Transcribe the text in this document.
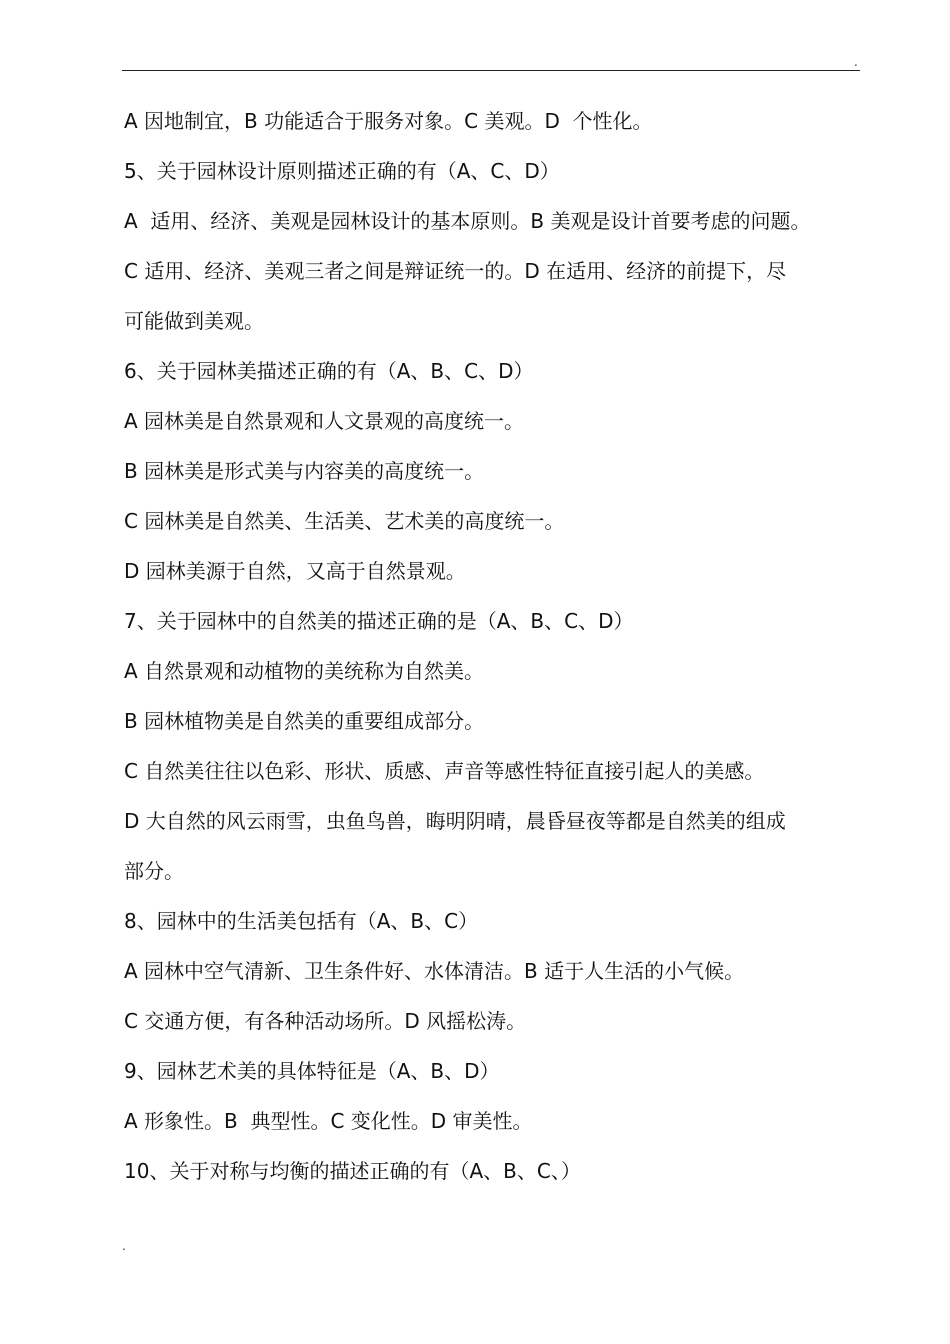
.
A 因地制宜，B 功能适合于服务对象。C 美观。D  个性化。
5、关于园林设计原则描述正确的有（A、C、D）
A  适用、经济、美观是园林设计的基本原则。B 美观是设计首要考虑的问题。
C 适用、经济、美观三者之间是辩证统一的。D 在适用、经济的前提下，尽
可能做到美观。
6、关于园林美描述正确的有（A、B、C、D）
A 园林美是自然景观和人文景观的高度统一。
B 园林美是形式美与内容美的高度统一。
C 园林美是自然美、生活美、艺术美的高度统一。
D 园林美源于自然，又高于自然景观。
7、关于园林中的自然美的描述正确的是（A、B、C、D）
A 自然景观和动植物的美统称为自然美。
B 园林植物美是自然美的重要组成部分。
C 自然美往往以色彩、形状、质感、声音等感性特征直接引起人的美感。
D 大自然的风云雨雪，虫鱼鸟兽，晦明阴晴，晨昏昼夜等都是自然美的组成
部分。
8、园林中的生活美包括有（A、B、C）
A 园林中空气清新、卫生条件好、水体清洁。B 适于人生活的小气候。
C 交通方便，有各种活动场所。D 风摇松涛。
9、园林艺术美的具体特征是（A、B、D）
A 形象性。B  典型性。C 变化性。D 审美性。
10、关于对称与均衡的描述正确的有（A、B、C、）
.
